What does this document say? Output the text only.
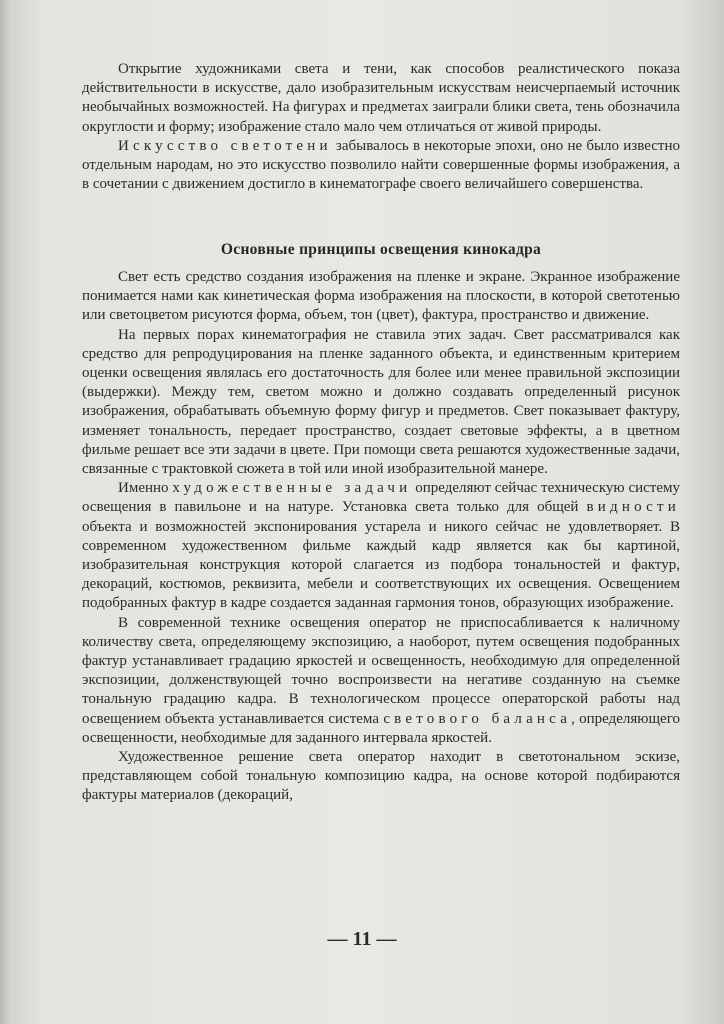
Открытие художниками света и тени, как способов реалистического показа действительности в искусстве, дало изобразительным искусствам неисчерпаемый источник необычайных возможностей. На фигурах и предметах заиграли блики света, тень обозначила округлости и форму; изображение стало мало чем отличаться от живой природы.

Искусство светотени забывалось в некоторые эпохи, оно не было известно отдельным народам, но это искусство позволило найти совершенные формы изображения, а в сочетании с движением достигло в кинематографе своего величайшего совершенства.

Основные принципы освещения кинокадра

Свет есть средство создания изображения на пленке и экране. Экранное изображение понимается нами как кинетическая форма изображения на плоскости, в которой светотенью или светоцветом рисуются форма, объем, тон (цвет), фактура, пространство и движение.

На первых порах кинематография не ставила этих задач. Свет рассматривался как средство для репродуцирования на пленке заданного объекта, и единственным критерием оценки освещения являлась его достаточность для более или менее правильной экспозиции (выдержки). Между тем, светом можно и должно создавать определенный рисунок изображения, обрабатывать объемную форму фигур и предметов. Свет показывает фактуру, изменяет тональность, передает пространство, создает световые эффекты, а в цветном фильме решает все эти задачи в цвете. При помощи света решаются художественные задачи, связанные с трактовкой сюжета в той или иной изобразительной манере.

Именно художественные задачи определяют сейчас техническую систему освещения в павильоне и на натуре. Установка света только для общей видности объекта и возможностей экспонирования устарела и никого сейчас не удовлетворяет. В современном художественном фильме каждый кадр является как бы картиной, изобразительная конструкция которой слагается из подбора тональностей и фактур, декораций, костюмов, реквизита, мебели и соответствующих их освещения. Освещением подобранных фактур в кадре создается заданная гармония тонов, образующих изображение.

В современной технике освещения оператор не приспосабливается к наличному количеству света, определяющему экспозицию, а наоборот, путем освещения подобранных фактур устанавливает градацию яркостей и освещенность, необходимую для определенной экспозиции, долженствующей точно воспроизвести на негативе созданную на съемке тональную градацию кадра. В технологическом процессе операторской работы над освещением объекта устанавливается система светового баланса, определяющего освещенности, необходимые для заданного интервала яркостей.

Художественное решение света оператор находит в светотональном эскизе, представляющем собой тональную композицию кадра, на основе которой подбираются фактуры материалов (декораций,

— 11 —
